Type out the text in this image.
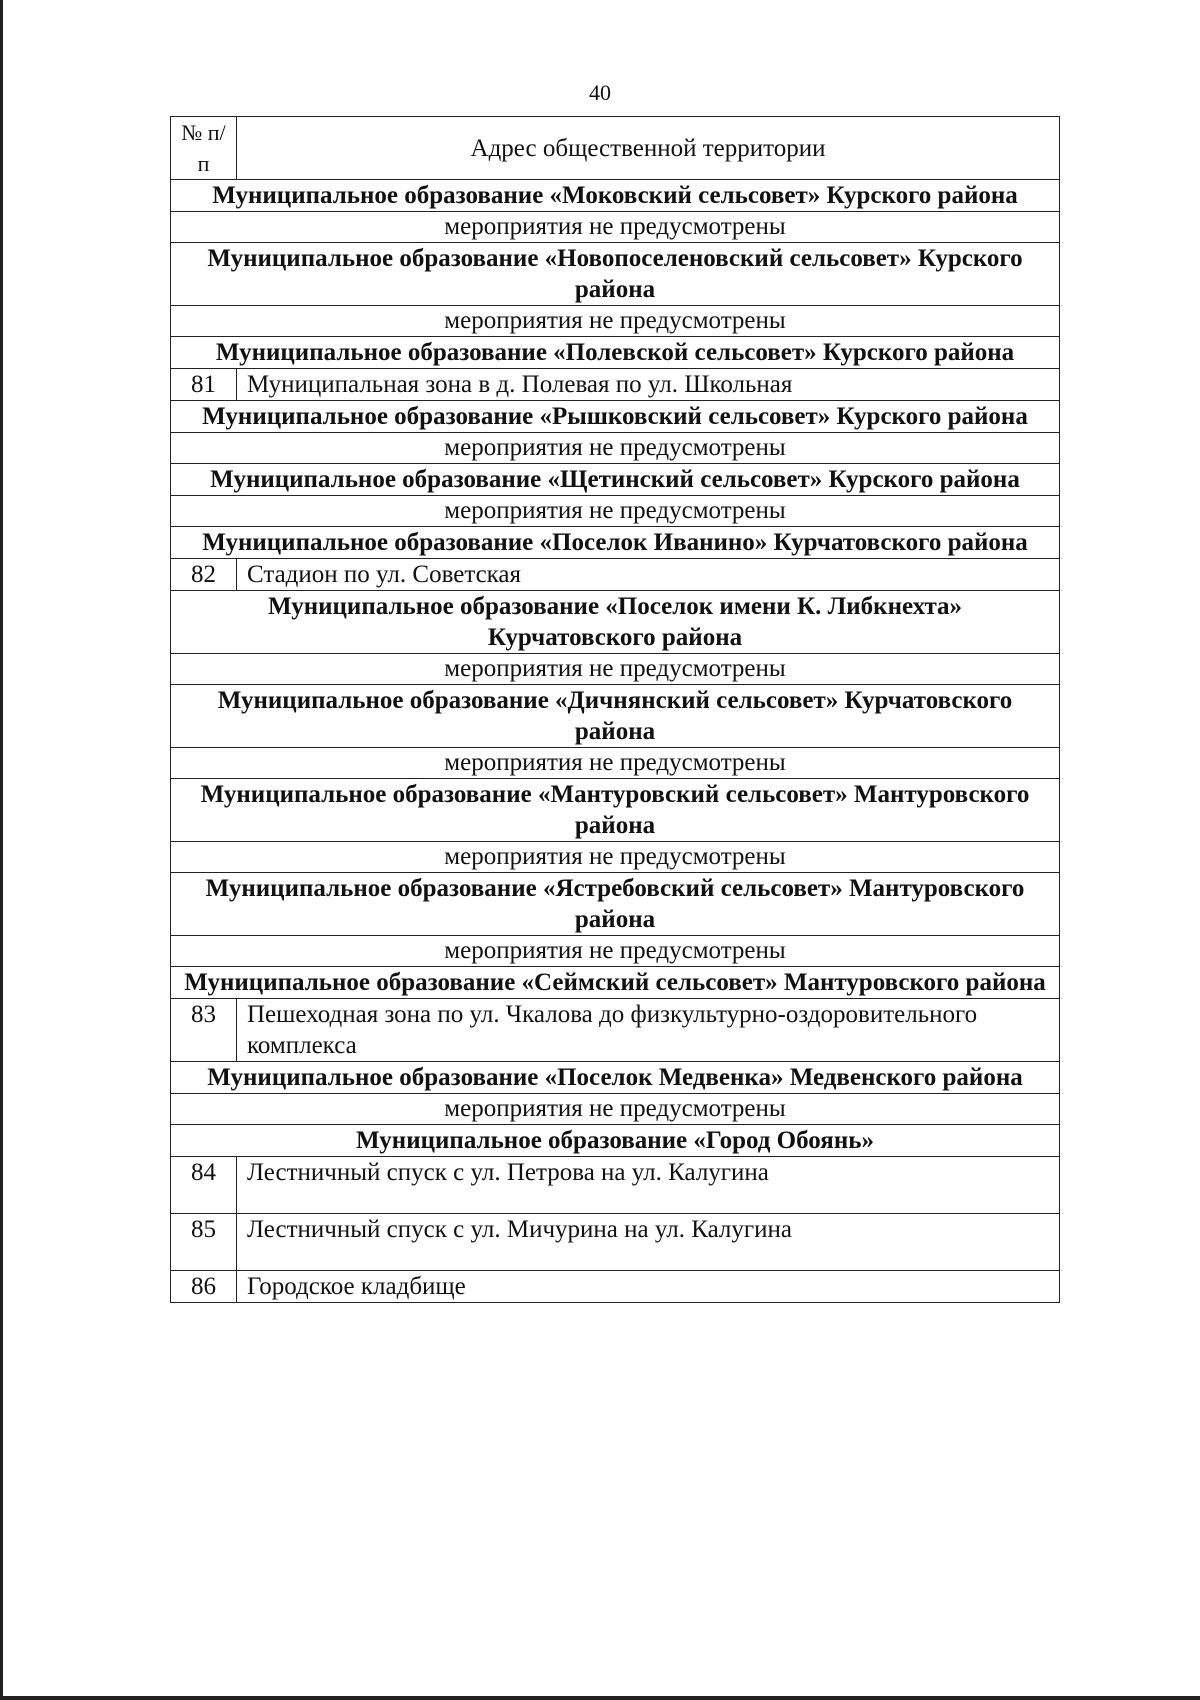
40
№ п/п	Адрес общественной территории
Муниципальное образование «Моковский сельсовет» Курского района	
мероприятия не предусмотрены	
Муниципальное образование «Новопоселеновский сельсовет» Курского района	
мероприятия не предусмотрены	
Муниципальное образование «Полевской сельсовет» Курского района	
81	Муниципальная зона в д. Полевая по ул. Школьная
Муниципальное образование «Рышковский сельсовет» Курского района	
мероприятия не предусмотрены	
Муниципальное образование «Щетинский сельсовет» Курского района	
мероприятия не предусмотрены	
Муниципальное образование «Поселок Иванино» Курчатовского района	
82	Стадион по ул. Советская
Муниципальное образование «Поселок имени К. Либкнехта» Курчатовского района	
мероприятия не предусмотрены	
Муниципальное образование «Дичнянский сельсовет» Курчатовского района	
мероприятия не предусмотрены	
Муниципальное образование «Мантуровский сельсовет» Мантуровского района	
мероприятия не предусмотрены	
Муниципальное образование «Ястребовский сельсовет» Мантуровского района	
мероприятия не предусмотрены	
Муниципальное образование «Сеймский сельсовет» Мантуровского района	
83	Пешеходная зона по ул. Чкалова до физкультурно-оздоровительного комплекса
Муниципальное образование «Поселок Медвенка» Медвенского района	
мероприятия не предусмотрены	
Муниципальное образование «Город Обоянь»	
84	Лестничный спуск с ул. Петрова на ул. Калугина
85	Лестничный спуск с ул. Мичурина на ул. Калугина
86	Городское кладбище
